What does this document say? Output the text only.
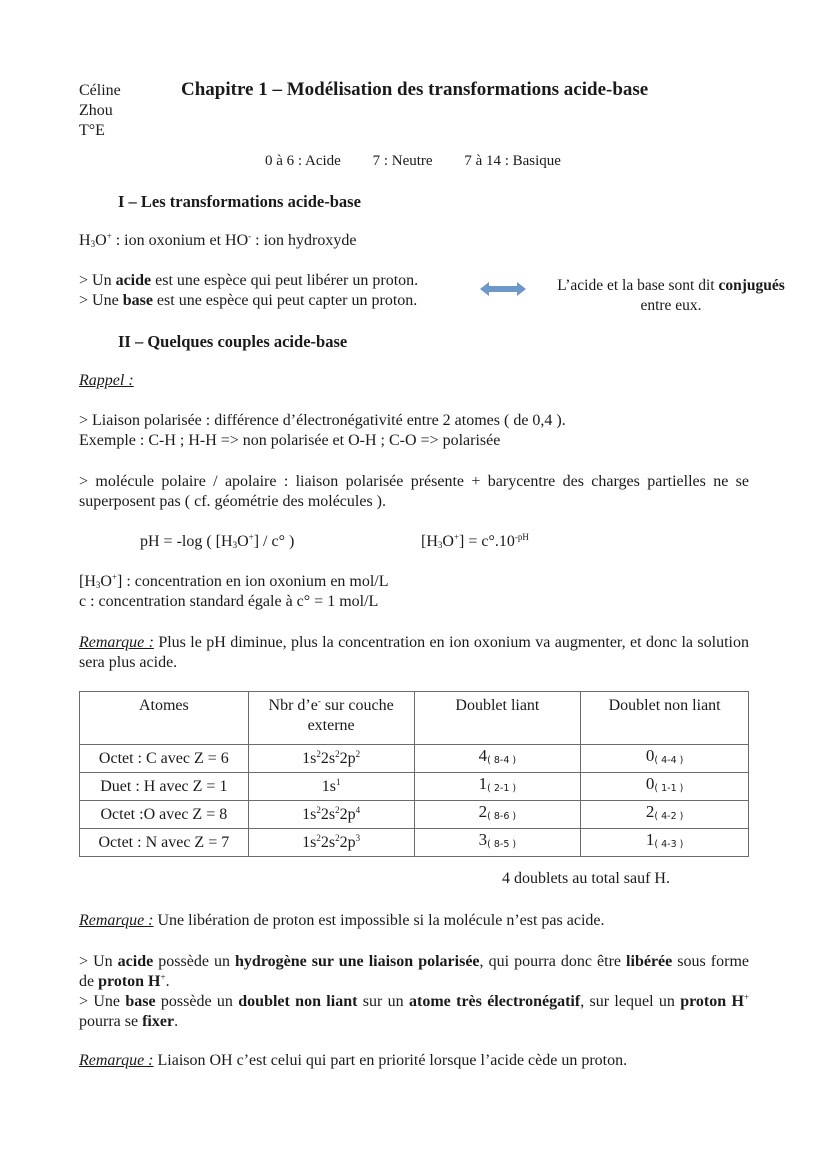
Céline
Zhou
T°E
Chapitre 1 – Modélisation des transformations acide-base
0 à 6 : Acide 7 : Neutre 7 à 14 : Basique
I – Les transformations acide-base
$H_3O^+$ : ion oxonium et HO- : ion hydroxyde
> Un acide est une espèce qui peut libérer un proton.
> Une base est une espèce qui peut capter un proton.
L’acide et la base sont dit conjugués
entre eux.
II – Quelques couples acide-base
Rappel :
> Liaison polarisée : différence d’électronégativité entre 2 atomes ( de 0,4 ).
Exemple : C-H ; H-H => non polarisée et O-H ; C-O => polarisée
> molécule polaire / apolaire : liaison polarisée présente + barycentre des charges partielles ne se superposent pas ( cf. géométrie des molécules ).
pH = -log ( $[H_3O^+] / c^\circ$ )	$[H_3O^+] = c^\circ.10^{-pH}$
$[H_3O^+]$ : concentration en ion oxonium en mol/L
c : concentration standard égale à c° = 1 mol/L
Remarque : Plus le pH diminue, plus la concentration en ion oxonium va augmenter, et donc la solution sera plus acide.
Atomes	Nbr d’e- sur couche externe	Doublet liant	Doublet non liant
Octet : C avec Z = 6	$1s^22s^22p^2$	4( 8-4 )	0( 4-4 )
Duet : H avec Z = 1	$1s^1$	1( 2-1 )	0( 1-1 )
Octet :O avec Z = 8	$1s^22s^22p^4$	2( 8-6 )	2( 4-2 )
Octet : N avec Z = 7	$1s^22s^22p^3$	3( 8-5 )	1( 4-3 )
4 doublets au total sauf H.
Remarque : Une libération de proton est impossible si la molécule n’est pas acide.
> Un acide possède un hydrogène sur une liaison polarisée, qui pourra donc être libérée sous forme de proton H+.
> Une base possède un doublet non liant sur un atome très électronégatif, sur lequel un proton H+ pourra se fixer.
Remarque : Liaison OH c’est celui qui part en priorité lorsque l’acide cède un proton.
